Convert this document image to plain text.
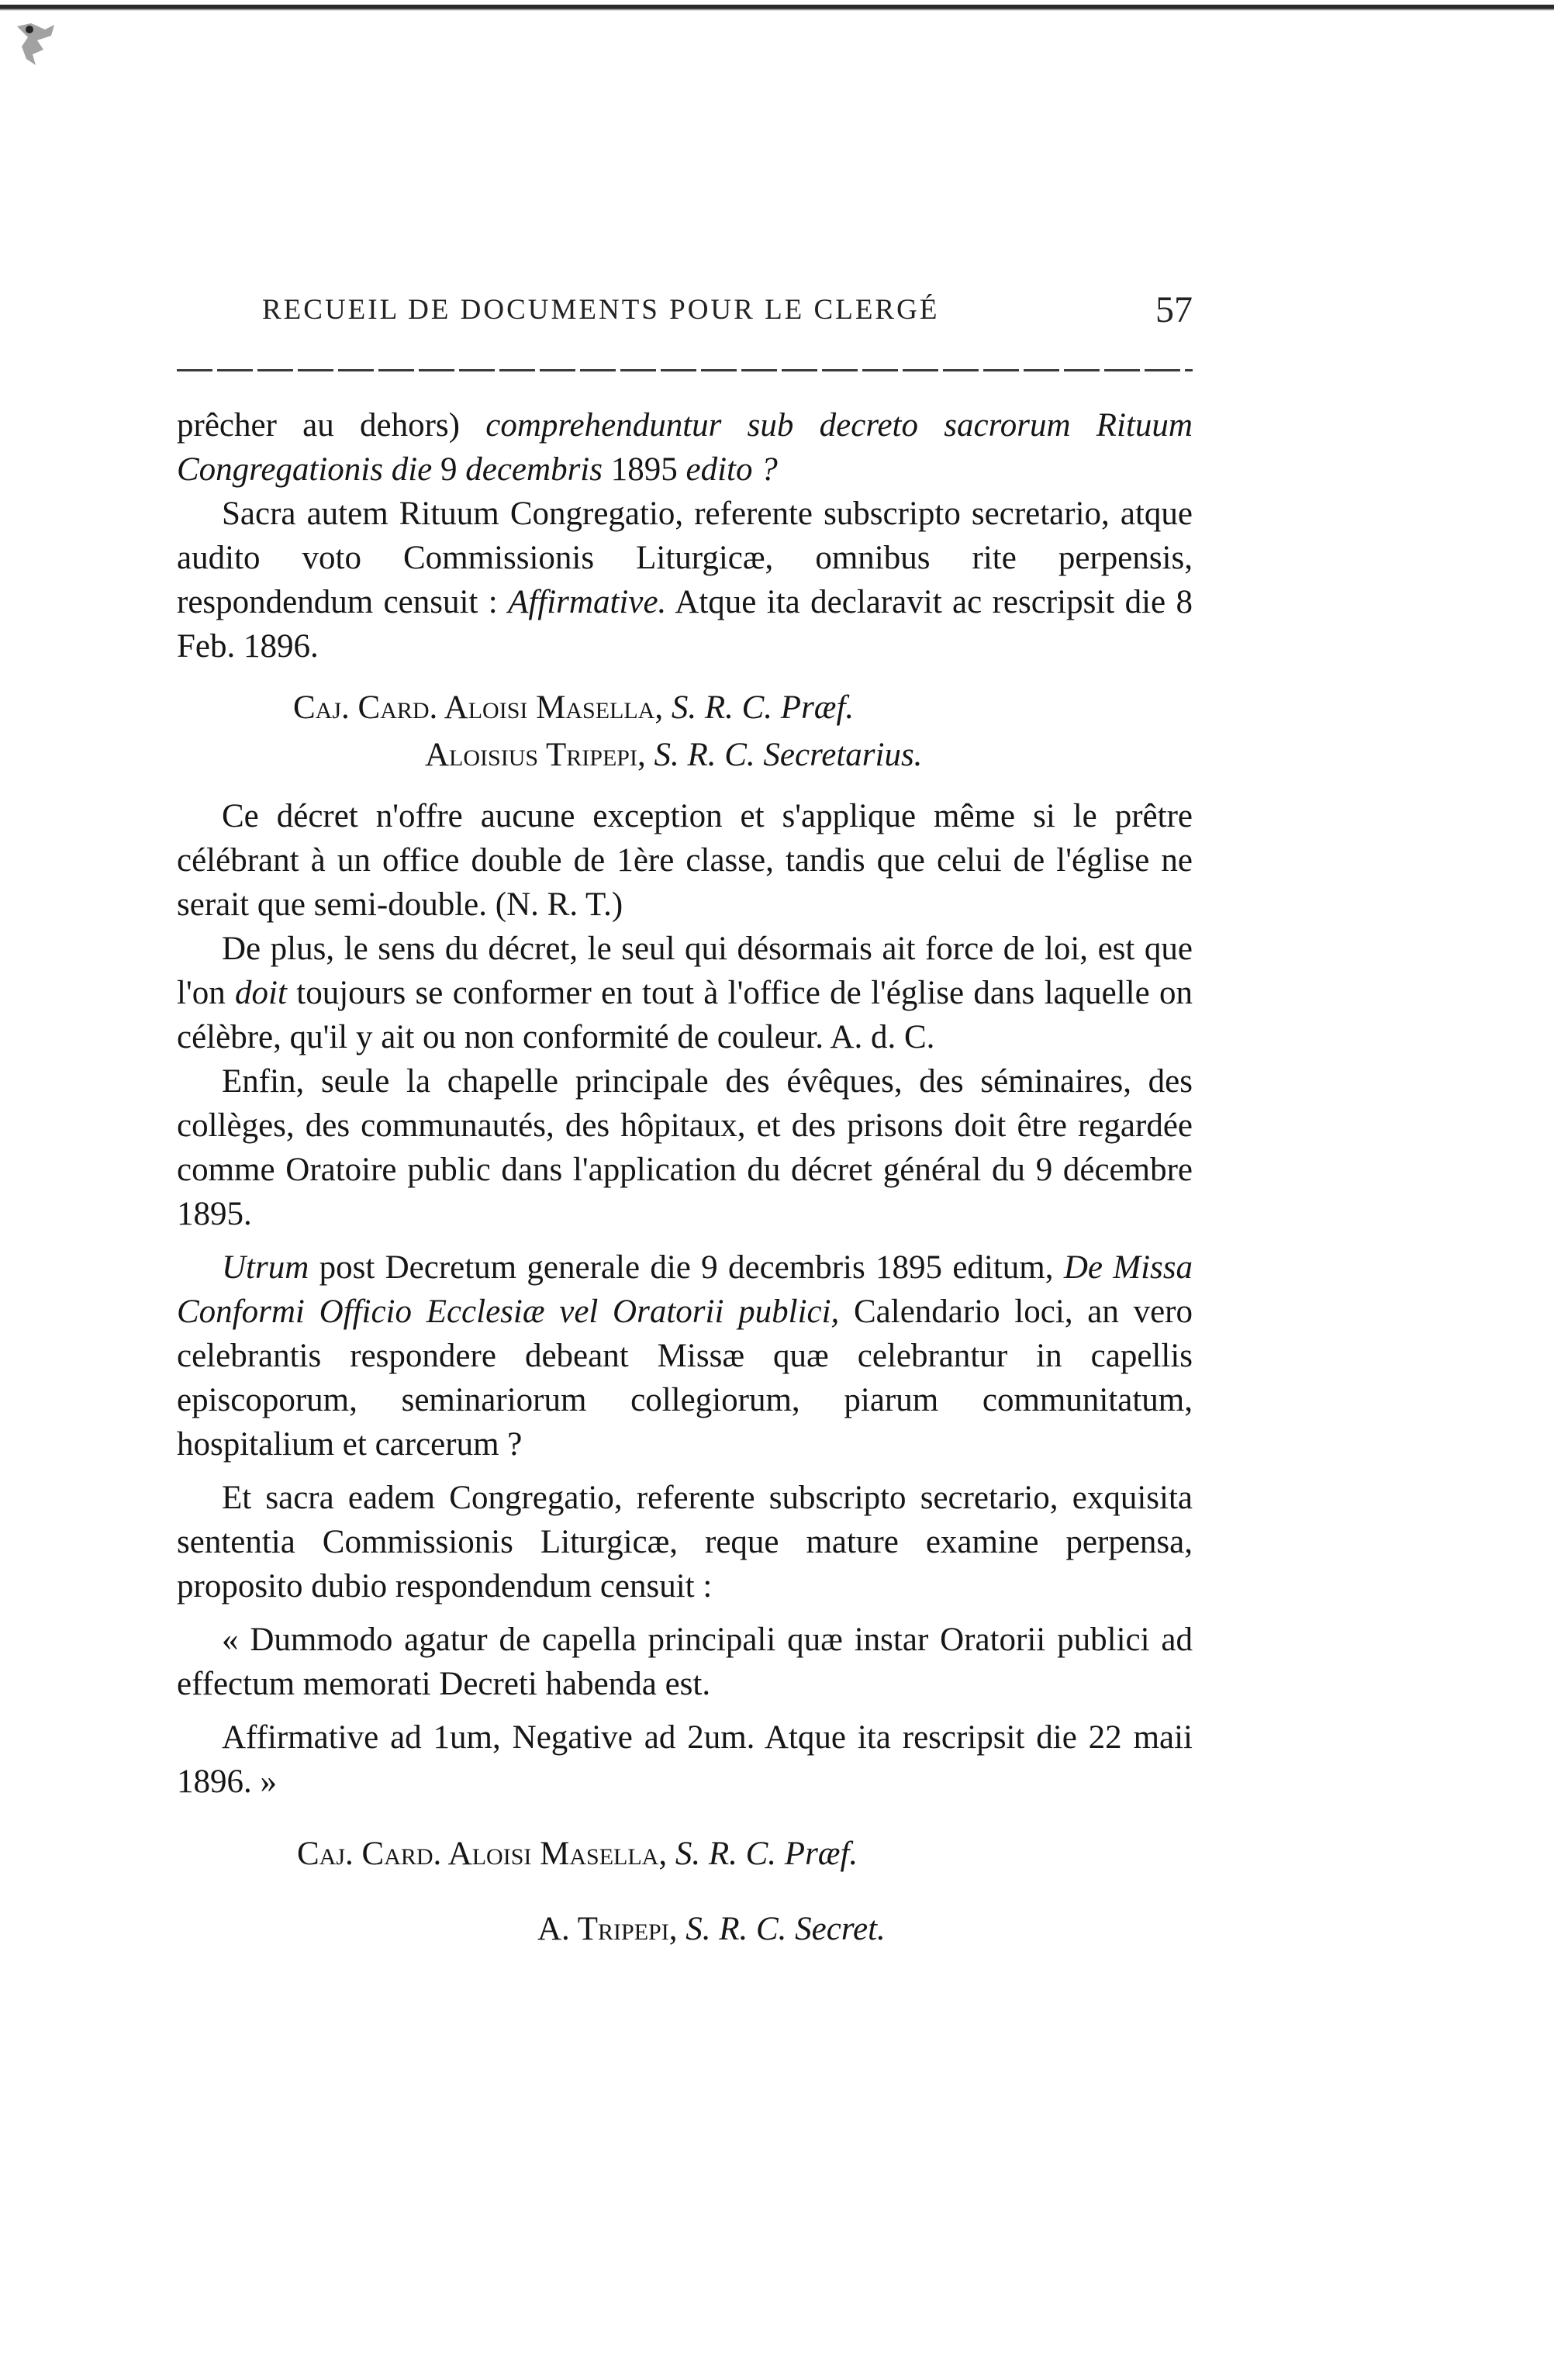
RECUEIL DE DOCUMENTS POUR LE CLERGÉ	57

prêcher au dehors) comprehenduntur sub decreto sacrorum Rituum Congregationis die 9 decembris 1895 edito ?

Sacra autem Rituum Congregatio, referente subscripto secretario, atque audito voto Commissionis Liturgicæ, omnibus rite perpensis, respondendum censuit : Affirmative. Atque ita declaravit ac rescripsit die 8 Feb. 1896.

Caj. Card. Aloisi Masella, S. R. C. Præf.

Aloisius Tripepi, S. R. C. Secretarius.

Ce décret n'offre aucune exception et s'applique même si le prêtre célébrant à un office double de 1ère classe, tandis que celui de l'église ne serait que semi-double. (N. R. T.)

De plus, le sens du décret, le seul qui désormais ait force de loi, est que l'on doit toujours se conformer en tout à l'office de l'église dans laquelle on célèbre, qu'il y ait ou non conformité de couleur. A. d. C.

Enfin, seule la chapelle principale des évêques, des séminaires, des collèges, des communautés, des hôpitaux, et des prisons doit être regardée comme Oratoire public dans l'application du décret général du 9 décembre 1895.

Utrum post Decretum generale die 9 decembris 1895 editum, De Missa Conformi Officio Ecclesiæ vel Oratorii publici, Calendario loci, an vero celebrantis respondere debeant Missæ quæ celebrantur in capellis episcoporum, seminariorum collegiorum, piarum communitatum, hospitalium et carcerum ?

Et sacra eadem Congregatio, referente subscripto secretario, exquisita sententia Commissionis Liturgicæ, reque mature examine perpensa, proposito dubio respondendum censuit :

« Dummodo agatur de capella principali quæ instar Oratorii publici ad effectum memorati Decreti habenda est.

Affirmative ad 1um, Negative ad 2um. Atque ita rescripsit die 22 maii 1896. »

Caj. Card. Aloisi Masella, S. R. C. Præf.

A. Tripepi, S. R. C. Secret.
